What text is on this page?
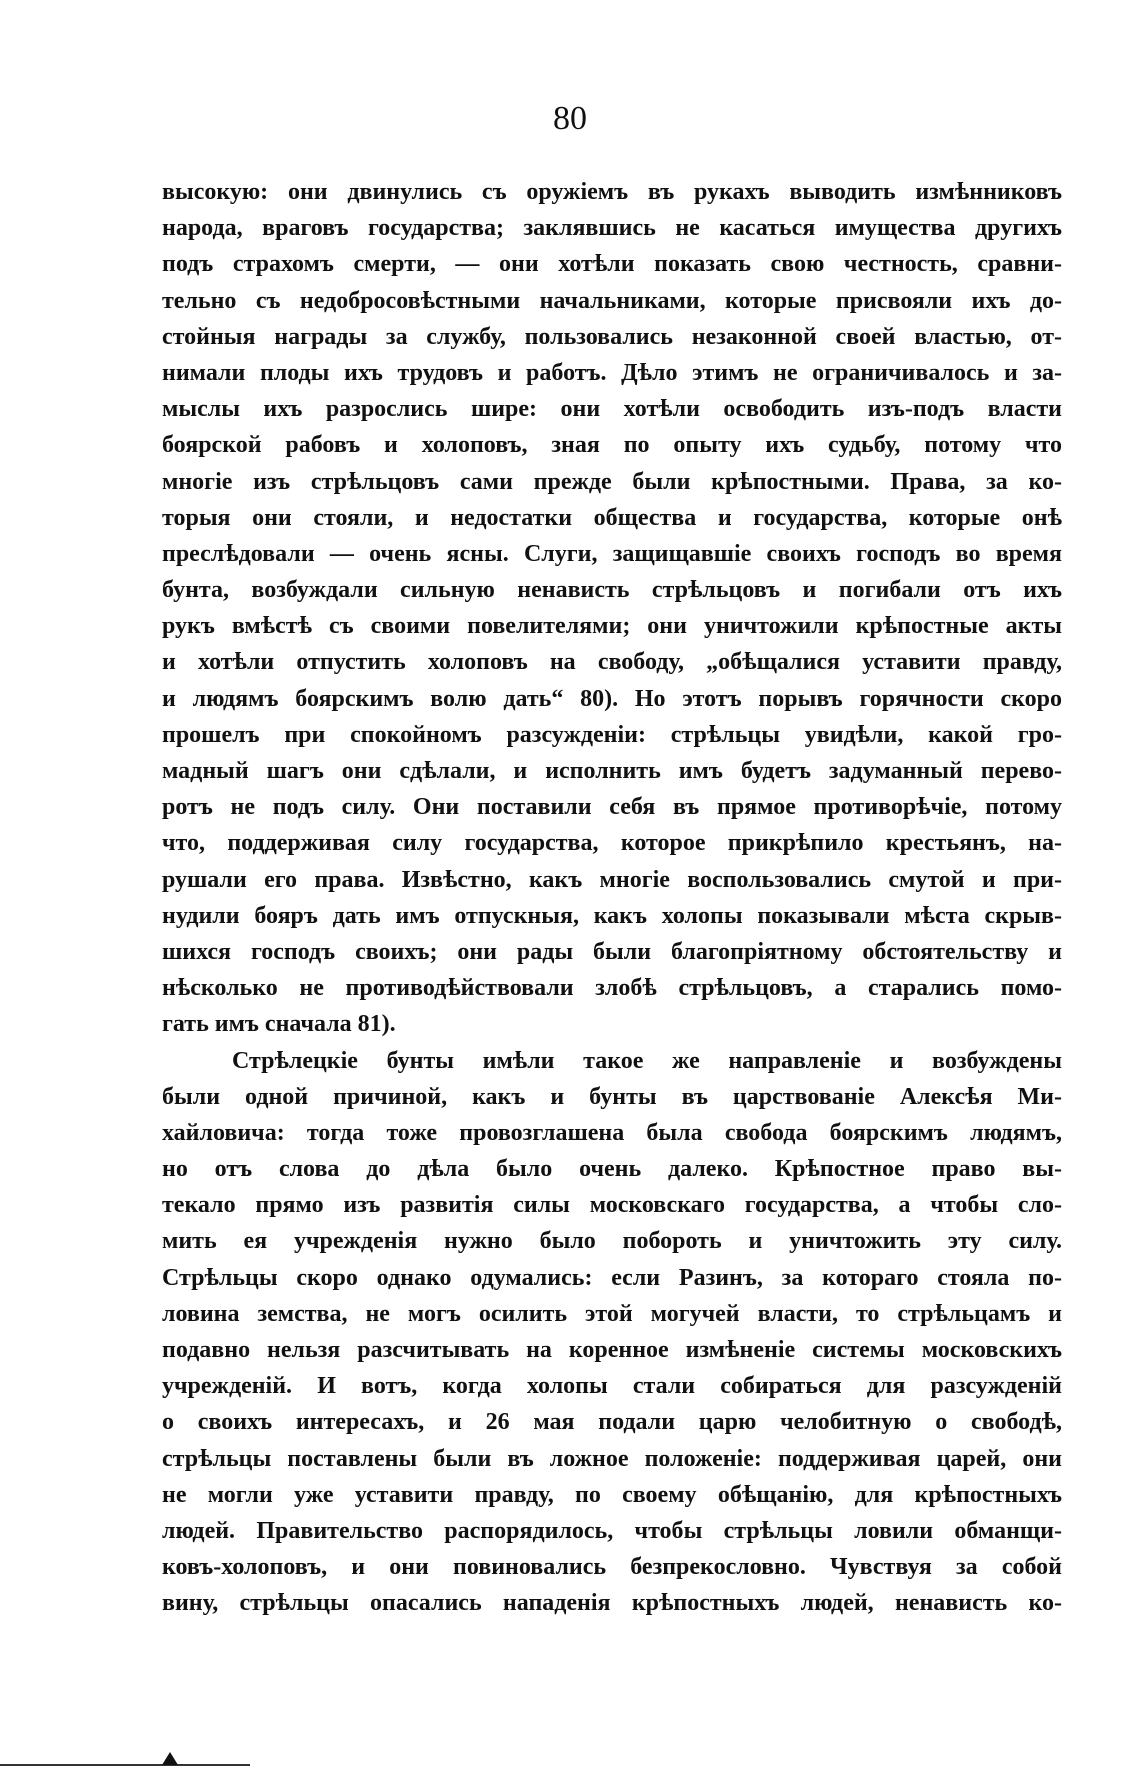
80
высокую: они двинулись съ оружіемъ въ рукахъ выводить измѣнниковъ
народа, враговъ государства; заклявшись не касаться имущества другихъ
подъ страхомъ смерти, — они хотѣли показать свою честность, сравни-
тельно съ недобросовѣстными начальниками, которые присвояли ихъ до-
стойныя награды за службу, пользовались незаконной своей властью, от-
нимали плоды ихъ трудовъ и работъ. Дѣло этимъ не ограничивалось и за-
мыслы ихъ разрослись шире: они хотѣли освободить изъ-подъ власти
боярской рабовъ и холоповъ, зная по опыту ихъ судьбу, потому что
многіе изъ стрѣльцовъ сами прежде были крѣпостными. Права, за ко-
торыя они стояли, и недостатки общества и государства, которые онѣ
преслѣдовали — очень ясны. Слуги, защищавшіе своихъ господъ во время
бунта, возбуждали сильную ненависть стрѣльцовъ и погибали отъ ихъ
рукъ вмѣстѣ съ своими повелителями; они уничтожили крѣпостные акты
и хотѣли отпустить холоповъ на свободу, „обѣщалися уставити правду,
и людямъ боярскимъ волю дать“ 80). Но этотъ порывъ горячности скоро
прошелъ при спокойномъ разсужденіи: стрѣльцы увидѣли, какой гро-
мадный шагъ они сдѣлали, и исполнить имъ будетъ задуманный перево-
ротъ не подъ силу. Они поставили себя въ прямое противорѣчіе, потому
что, поддерживая силу государства, которое прикрѣпило крестьянъ, на-
рушали его права. Извѣстно, какъ многіе воспользовались смутой и при-
нудили бояръ дать имъ отпускныя, какъ холопы показывали мѣста скрыв-
шихся господъ своихъ; они рады были благопріятному обстоятельству и
нѣсколько не противодѣйствовали злобѣ стрѣльцовъ, а старались помо-
гать имъ сначала 81).
Стрѣлецкіе бунты имѣли такое же направленіе и возбуждены
были одной причиной, какъ и бунты въ царствованіе Алексѣя Ми-
хайловича: тогда тоже провозглашена была свобода боярскимъ людямъ,
но отъ слова до дѣла было очень далеко. Крѣпостное право вы-
текало прямо изъ развитія силы московскаго государства, а чтобы сло-
мить ея учрежденія нужно было побороть и уничтожить эту силу.
Стрѣльцы скоро однако одумались: если Разинъ, за котораго стояла по-
ловина земства, не могъ осилить этой могучей власти, то стрѣльцамъ и
подавно нельзя разсчитывать на коренное измѣненіе системы московскихъ
учрежденій. И вотъ, когда холопы стали собираться для разсужденій
о своихъ интересахъ, и 26 мая подали царю челобитную о свободѣ,
стрѣльцы поставлены были въ ложное положеніе: поддерживая царей, они
не могли уже уставити правду, по своему обѣщанію, для крѣпостныхъ
людей. Правительство распорядилось, чтобы стрѣльцы ловили обманщи-
ковъ-холоповъ, и они повиновались безпрекословно. Чувствуя за собой
вину, стрѣльцы опасались нападенія крѣпостныхъ людей, ненависть ко-
